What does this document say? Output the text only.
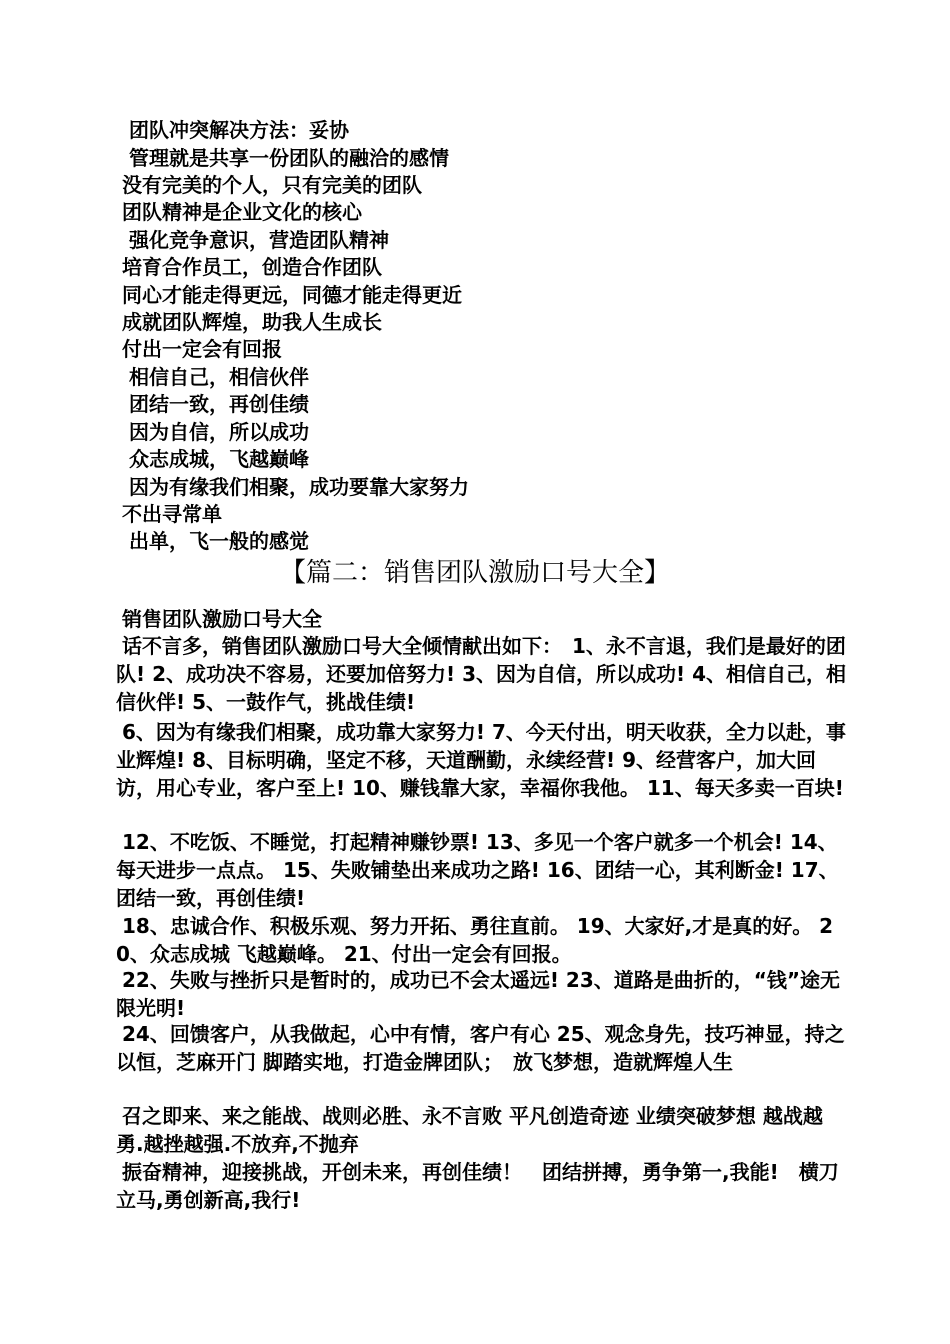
团队冲突解决方法：妥协
管理就是共享一份团队的融洽的感情
没有完美的个人，只有完美的团队
团队精神是企业文化的核心
强化竞争意识，营造团队精神
培育合作员工，创造合作团队
同心才能走得更远，同德才能走得更近
成就团队辉煌，助我人生成长
付出一定会有回报
相信自己，相信伙伴
团结一致，再创佳绩
因为自信，所以成功
众志成城，飞越巅峰
因为有缘我们相聚，成功要靠大家努力
不出寻常单
出单，飞一般的感觉
【篇二：销售团队激励口号大全】
销售团队激励口号大全
话不言多，销售团队激励口号大全倾情献出如下：　1、永不言退，我们是最好的团队! 2、成功决不容易，还要加倍努力! 3、因为自信，所以成功! 4、相信自己，相信伙伴! 5、一鼓作气，挑战佳绩!
6、因为有缘我们相聚，成功靠大家努力! 7、今天付出，明天收获，全力以赴，事业辉煌! 8、目标明确，坚定不移，天道酬勤，永续经营! 9、经营客户，加大回访，用心专业，客户至上! 10、赚钱靠大家，幸福你我他。 11、每天多卖一百块!
12、不吃饭、不睡觉，打起精神赚钞票! 13、多见一个客户就多一个机会! 14、每天进步一点点。 15、失败铺垫出来成功之路! 16、团结一心，其利断金! 17、团结一致，再创佳绩!
18、忠诚合作、积极乐观、努力开拓、勇往直前。 19、大家好,才是真的好。 20、众志成城 飞越巅峰。 21、付出一定会有回报。
22、失败与挫折只是暂时的，成功已不会太遥远! 23、道路是曲折的，“钱”途无限光明!
24、回馈客户，从我做起，心中有情，客户有心 25、观念身先，技巧神显，持之以恒，芝麻开门 脚踏实地，打造金牌团队；　放飞梦想，造就辉煌人生
召之即来、来之能战、战则必胜、永不言败 平凡创造奇迹 业绩突破梦想 越战越勇.越挫越强.不放弃,不抛弃
振奋精神，迎接挑战，开创未来，再创佳绩！　团结拼搏，勇争第一,我能!　横刀立马,勇创新高,我行!
